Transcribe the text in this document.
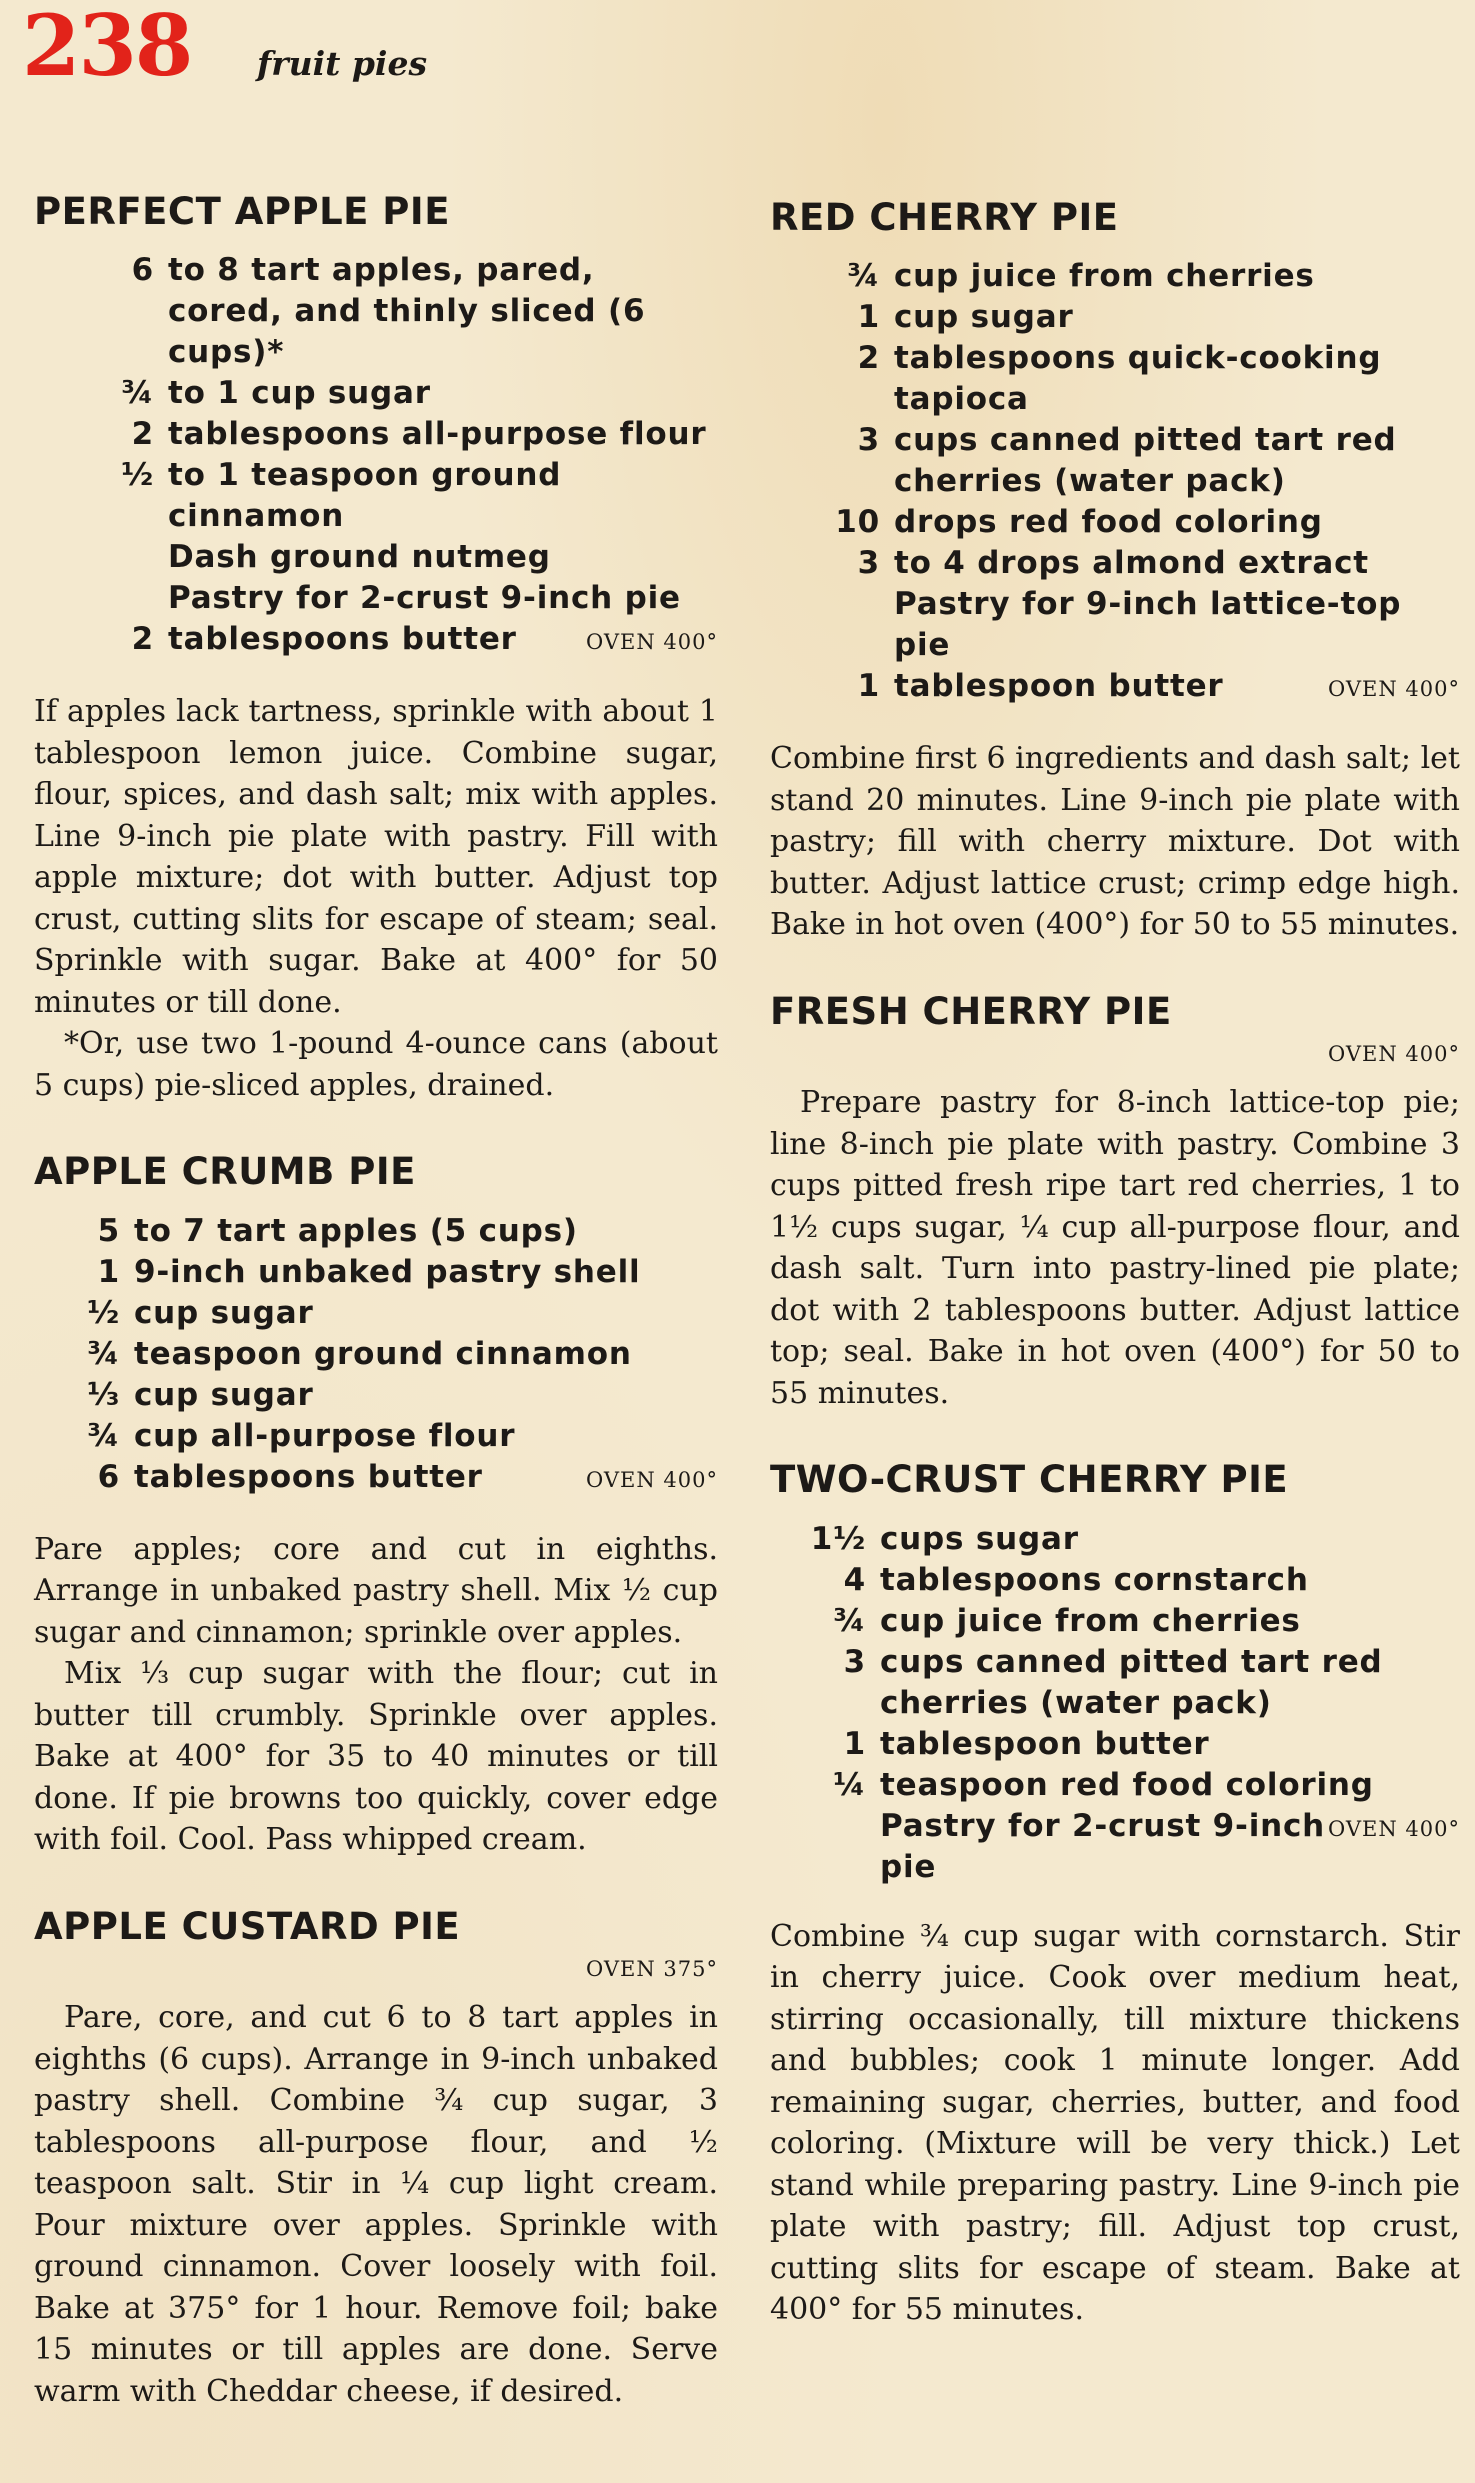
238 fruit pies
PERFECT APPLE PIE
6 to 8 tart apples, pared, cored, and thinly sliced (6 cups)*
¾ to 1 cup sugar
2 tablespoons all-purpose flour
½ to 1 teaspoon ground cinnamon
Dash ground nutmeg
Pastry for 2-crust 9-inch pie
2 tablespoons butter	OVEN 400°

If apples lack tartness, sprinkle with about 1 tablespoon lemon juice. Combine sugar, flour, spices, and dash salt; mix with apples. Line 9-inch pie plate with pastry. Fill with apple mixture; dot with butter. Adjust top crust, cutting slits for escape of steam; seal. Sprinkle with sugar. Bake at 400° for 50 minutes or till done.

*Or, use two 1-pound 4-ounce cans (about 5 cups) pie-sliced apples, drained.

APPLE CRUMB PIE
5 to 7 tart apples (5 cups)
1 9-inch unbaked pastry shell
½ cup sugar
¾ teaspoon ground cinnamon
⅓ cup sugar
¾ cup all-purpose flour
6 tablespoons butter	OVEN 400°

Pare apples; core and cut in eighths. Arrange in unbaked pastry shell. Mix ½ cup sugar and cinnamon; sprinkle over apples.

Mix ⅓ cup sugar with the flour; cut in butter till crumbly. Sprinkle over apples. Bake at 400° for 35 to 40 minutes or till done. If pie browns too quickly, cover edge with foil. Cool. Pass whipped cream.

APPLE CUSTARD PIE
OVEN 375°

Pare, core, and cut 6 to 8 tart apples in eighths (6 cups). Arrange in 9-inch unbaked pastry shell. Combine ¾ cup sugar, 3 tablespoons all-purpose flour, and ½ teaspoon salt. Stir in ¼ cup light cream. Pour mixture over apples. Sprinkle with ground cinnamon. Cover loosely with foil. Bake at 375° for 1 hour. Remove foil; bake 15 minutes or till apples are done. Serve warm with Cheddar cheese, if desired.

RED CHERRY PIE
¾ cup juice from cherries
1 cup sugar
2 tablespoons quick-cooking tapioca
3 cups canned pitted tart red cherries (water pack)
10 drops red food coloring
3 to 4 drops almond extract
Pastry for 9-inch lattice-top pie
1 tablespoon butter	OVEN 400°

Combine first 6 ingredients and dash salt; let stand 20 minutes. Line 9-inch pie plate with pastry; fill with cherry mixture. Dot with butter. Adjust lattice crust; crimp edge high. Bake in hot oven (400°) for 50 to 55 minutes.

FRESH CHERRY PIE
OVEN 400°

Prepare pastry for 8-inch lattice-top pie; line 8-inch pie plate with pastry. Combine 3 cups pitted fresh ripe tart red cherries, 1 to 1½ cups sugar, ¼ cup all-purpose flour, and dash salt. Turn into pastry-lined pie plate; dot with 2 tablespoons butter. Adjust lattice top; seal. Bake in hot oven (400°) for 50 to 55 minutes.

TWO-CRUST CHERRY PIE
1½ cups sugar
4 tablespoons cornstarch
¾ cup juice from cherries
3 cups canned pitted tart red cherries (water pack)
1 tablespoon butter
¼ teaspoon red food coloring
Pastry for 2-crust 9-inch pie
OVEN 400°

Combine ¾ cup sugar with cornstarch. Stir in cherry juice. Cook over medium heat, stirring occasionally, till mixture thickens and bubbles; cook 1 minute longer. Add remaining sugar, cherries, butter, and food coloring. (Mixture will be very thick.) Let stand while preparing pastry. Line 9-inch pie plate with pastry; fill. Adjust top crust, cutting slits for escape of steam. Bake at 400° for 55 minutes.
